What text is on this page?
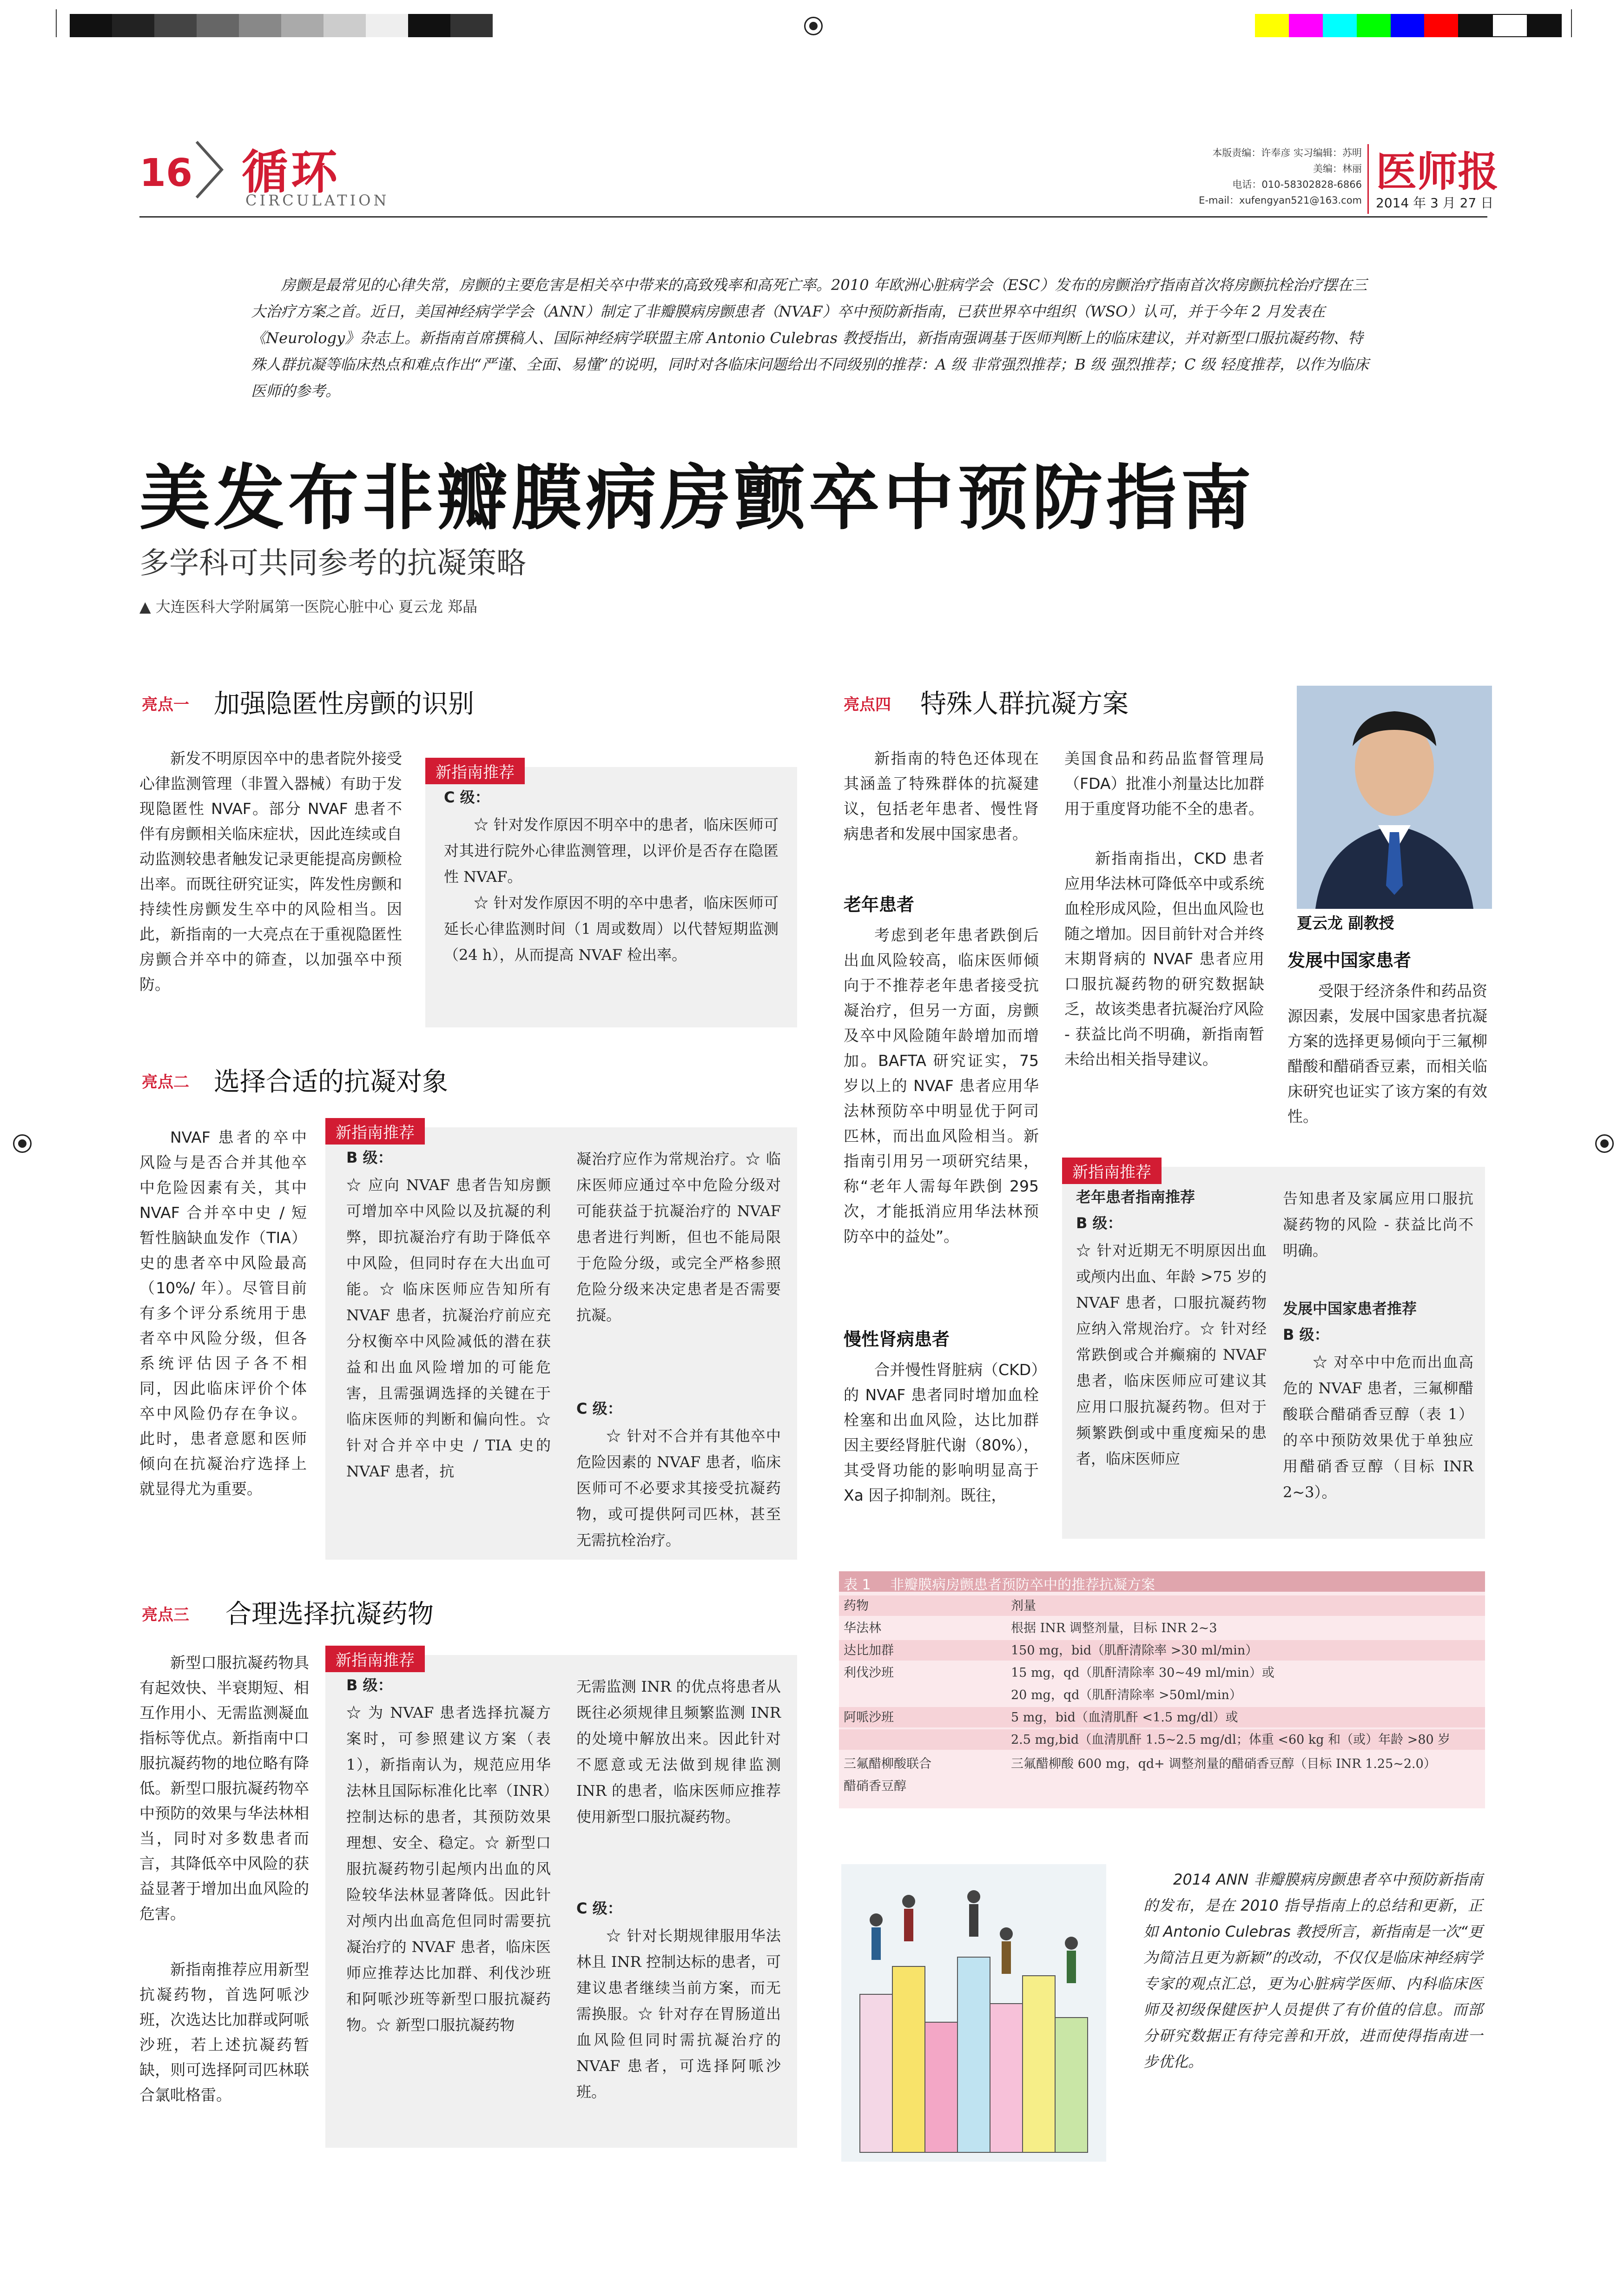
16 循环
CIRCULATION
本版责编：许奉彦 实习编辑：苏明
美编：林丽
电话：010-58302828-6866
E-mail：xufengyan521@163.com
医师报
2014 年 3 月 27 日
房颤是最常见的心律失常，房颤的主要危害是相关卒中带来的高致残率和高死亡率。2010 年欧洲心脏病学会（ESC）发布的房颤治疗指南首次将房颤抗栓治疗摆在三大治疗方案之首。近日，美国神经病学学会（ANN）制定了非瓣膜病房颤患者（NVAF）卒中预防新指南，已获世界卒中组织（WSO）认可，并于今年 2 月发表在《Neurology》杂志上。新指南首席撰稿人、国际神经病学联盟主席 Antonio Culebras 教授指出，新指南强调基于医师判断上的临床建议，并对新型口服抗凝药物、特殊人群抗凝等临床热点和难点作出“严谨、全面、易懂”的说明，同时对各临床问题给出不同级别的推荐：A 级 非常强烈推荐；B 级 强烈推荐；C 级 轻度推荐，以作为临床医师的参考。
美发布非瓣膜病房颤卒中预防指南
多学科可共同参考的抗凝策略
▲ 大连医科大学附属第一医院心脏中心 夏云龙 郑晶
亮点一 加强隐匿性房颤的识别
新发不明原因卒中的患者院外接受心律监测管理（非置入器械）有助于发现隐匿性 NVAF。部分 NVAF 患者不伴有房颤相关临床症状，因此连续或自动监测较患者触发记录更能提高房颤检出率。而既往研究证实，阵发性房颤和持续性房颤发生卒中的风险相当。因此，新指南的一大亮点在于重视隐匿性房颤合并卒中的筛查，以加强卒中预防。
新指南推荐
C 级：
☆ 针对发作原因不明卒中的患者，临床医师可对其进行院外心律监测管理，以评价是否存在隐匿性 NVAF。
☆ 针对发作原因不明的卒中患者，临床医师可延长心律监测时间（1 周或数周）以代替短期监测（24 h），从而提高 NVAF 检出率。
亮点二 选择合适的抗凝对象
NVAF 患者的卒中风险与是否合并其他卒中危险因素有关，其中 NVAF 合并卒中史 / 短暂性脑缺血发作（TIA）史的患者卒中风险最高（10%/ 年）。尽管目前有多个评分系统用于患者卒中风险分级，但各系统评估因子各不相同，因此临床评价个体卒中风险仍存在争议。此时，患者意愿和医师倾向在抗凝治疗选择上就显得尤为重要。
新指南推荐
B 级：
☆ 应向 NVAF 患者告知房颤可增加卒中风险以及抗凝的利弊，即抗凝治疗有助于降低卒中风险，但同时存在大出血可能。☆ 临床医师应告知所有 NVAF 患者，抗凝治疗前应充分权衡卒中风险减低的潜在获益和出血风险增加的可能危害，且需强调选择的关键在于临床医师的判断和偏向性。☆ 针对合并卒中史 / TIA 史的 NVAF 患者，抗
凝治疗应作为常规治疗。☆ 临床医师应通过卒中危险分级对可能获益于抗凝治疗的 NVAF 患者进行判断，但也不能局限于危险分级，或完全严格参照危险分级来决定患者是否需要抗凝。
C 级：
☆ 针对不合并有其他卒中危险因素的 NVAF 患者，临床医师可不必要求其接受抗凝药物，或可提供阿司匹林，甚至无需抗栓治疗。
亮点三 合理选择抗凝药物
新型口服抗凝药物具有起效快、半衰期短、相互作用小、无需监测凝血指标等优点。新指南中口服抗凝药物的地位略有降低。新型口服抗凝药物卒中预防的效果与华法林相当，同时对多数患者而言，其降低卒中风险的获益显著于增加出血风险的危害。
新指南推荐应用新型抗凝药物，首选阿哌沙班，次选达比加群或阿哌沙班，若上述抗凝药暂缺，则可选择阿司匹林联合氯吡格雷。
新指南推荐
B 级：
☆ 为 NVAF 患者选择抗凝方案时，可参照建议方案（表 1），新指南认为，规范应用华法林且国际标准化比率（INR）控制达标的患者，其预防效果理想、安全、稳定。☆ 新型口服抗凝药物引起颅内出血的风险较华法林显著降低。因此针对颅内出血高危但同时需要抗凝治疗的 NVAF 患者，临床医师应推荐达比加群、利伐沙班和阿哌沙班等新型口服抗凝药物。☆ 新型口服抗凝药物
无需监测 INR 的优点将患者从既往必须规律且频繁监测 INR 的处境中解放出来。因此针对不愿意或无法做到规律监测 INR 的患者，临床医师应推荐使用新型口服抗凝药物。
C 级：
☆ 针对长期规律服用华法林且 INR 控制达标的患者，可建议患者继续当前方案，而无需换服。☆ 针对存在胃肠道出血风险但同时需抗凝治疗的 NVAF 患者，可选择阿哌沙班。
亮点四 特殊人群抗凝方案
新指南的特色还体现在其涵盖了特殊群体的抗凝建议，包括老年患者、慢性肾病患者和发展中国家患者。
老年患者
考虑到老年患者跌倒后出血风险较高，临床医师倾向于不推荐老年患者接受抗凝治疗，但另一方面，房颤及卒中风险随年龄增加而增加。BAFTA 研究证实，75 岁以上的 NVAF 患者应用华法林预防卒中明显优于阿司匹林，而出血风险相当。新指南引用另一项研究结果，称“老年人需每年跌倒 295 次，才能抵消应用华法林预防卒中的益处”。
慢性肾病患者
合并慢性肾脏病（CKD）的 NVAF 患者同时增加血栓栓塞和出血风险，达比加群因主要经肾脏代谢（80%），其受肾功能的影响明显高于 Xa 因子抑制剂。既往，
美国食品和药品监督管理局（FDA）批准小剂量达比加群用于重度肾功能不全的患者。
新指南指出，CKD 患者应用华法林可降低卒中或系统血栓形成风险，但出血风险也随之增加。因目前针对合并终末期肾病的 NVAF 患者应用口服抗凝药物的研究数据缺乏，故该类患者抗凝治疗风险 - 获益比尚不明确，新指南暂未给出相关指导建议。
夏云龙 副教授
发展中国家患者
受限于经济条件和药品资源因素，发展中国家患者抗凝方案的选择更易倾向于三氟柳醋酸和醋硝香豆素，而相关临床研究也证实了该方案的有效性。
新指南推荐
老年患者指南推荐
B 级：
☆ 针对近期无不明原因出血或颅内出血、年龄 >75 岁的 NVAF 患者，口服抗凝药物应纳入常规治疗。☆ 针对经常跌倒或合并癫痫的 NVAF 患者，临床医师应可建议其应用口服抗凝药物。但对于频繁跌倒或中重度痴呆的患者，临床医师应
告知患者及家属应用口服抗凝药物的风险 - 获益比尚不明确。
发展中国家患者推荐
B 级：
☆ 对卒中中危而出血高危的 NVAF 患者，三氟柳醋酸联合醋硝香豆醇（表 1）的卒中预防效果优于单独应用醋硝香豆醇（目标 INR 2~3）。
表 1 非瓣膜病房颤患者预防卒中的推荐抗凝方案
药物	剂量
华法林	根据 INR 调整剂量，目标 INR 2~3
达比加群	150 mg，bid（肌酐清除率 >30 ml/min）
利伐沙班	15 mg，qd（肌酐清除率 30~49 ml/min）或
20 mg，qd（肌酐清除率 >50ml/min）
阿哌沙班	5 mg，bid（血清肌酐 <1.5 mg/dl）或
2.5 mg,bid（血清肌酐 1.5~2.5 mg/dl；体重 <60 kg 和（或）年龄 >80 岁
三氟醋柳酸联合	三氟醋柳酸 600 mg，qd+ 调整剂量的醋硝香豆醇（目标 INR 1.25~2.0）
醋硝香豆醇
2014 ANN 非瓣膜病房颤患者卒中预防新指南的发布，是在 2010 指导指南上的总结和更新，正如 Antonio Culebras 教授所言，新指南是一次“更为简洁且更为新颖”的改动，不仅仅是临床神经病学专家的观点汇总，更为心脏病学医师、内科临床医师及初级保健医护人员提供了有价值的信息。而部分研究数据正有待完善和开放，进而使得指南进一步优化。
